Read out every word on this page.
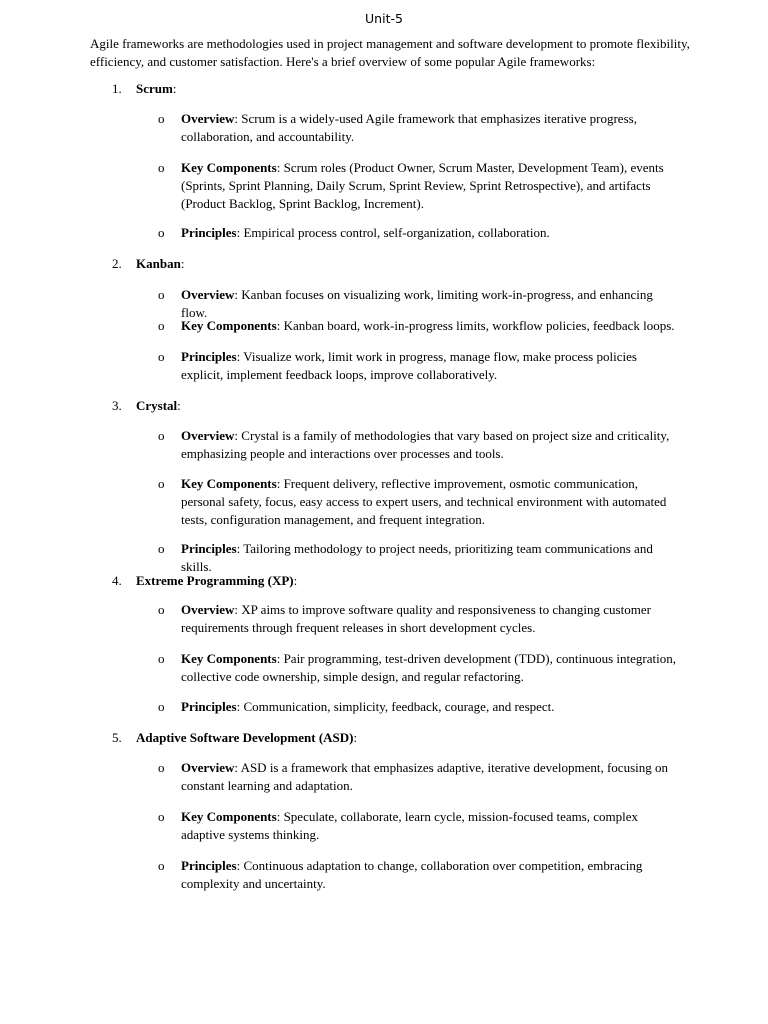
Unit-5
Agile frameworks are methodologies used in project management and software development to promote flexibility, efficiency, and customer satisfaction. Here's a brief overview of some popular Agile frameworks:
1. Scrum:
o Overview: Scrum is a widely-used Agile framework that emphasizes iterative progress, collaboration, and accountability.
o Key Components: Scrum roles (Product Owner, Scrum Master, Development Team), events (Sprints, Sprint Planning, Daily Scrum, Sprint Review, Sprint Retrospective), and artifacts (Product Backlog, Sprint Backlog, Increment).
o Principles: Empirical process control, self-organization, collaboration.
2. Kanban:
o Overview: Kanban focuses on visualizing work, limiting work-in-progress, and enhancing flow.
o Key Components: Kanban board, work-in-progress limits, workflow policies, feedback loops.
o Principles: Visualize work, limit work in progress, manage flow, make process policies explicit, implement feedback loops, improve collaboratively.
3. Crystal:
o Overview: Crystal is a family of methodologies that vary based on project size and criticality, emphasizing people and interactions over processes and tools.
o Key Components: Frequent delivery, reflective improvement, osmotic communication, personal safety, focus, easy access to expert users, and technical environment with automated tests, configuration management, and frequent integration.
o Principles: Tailoring methodology to project needs, prioritizing team communications and skills.
4. Extreme Programming (XP):
o Overview: XP aims to improve software quality and responsiveness to changing customer requirements through frequent releases in short development cycles.
o Key Components: Pair programming, test-driven development (TDD), continuous integration, collective code ownership, simple design, and regular refactoring.
o Principles: Communication, simplicity, feedback, courage, and respect.
5. Adaptive Software Development (ASD):
o Overview: ASD is a framework that emphasizes adaptive, iterative development, focusing on constant learning and adaptation.
o Key Components: Speculate, collaborate, learn cycle, mission-focused teams, complex adaptive systems thinking.
o Principles: Continuous adaptation to change, collaboration over competition, embracing complexity and uncertainty.
